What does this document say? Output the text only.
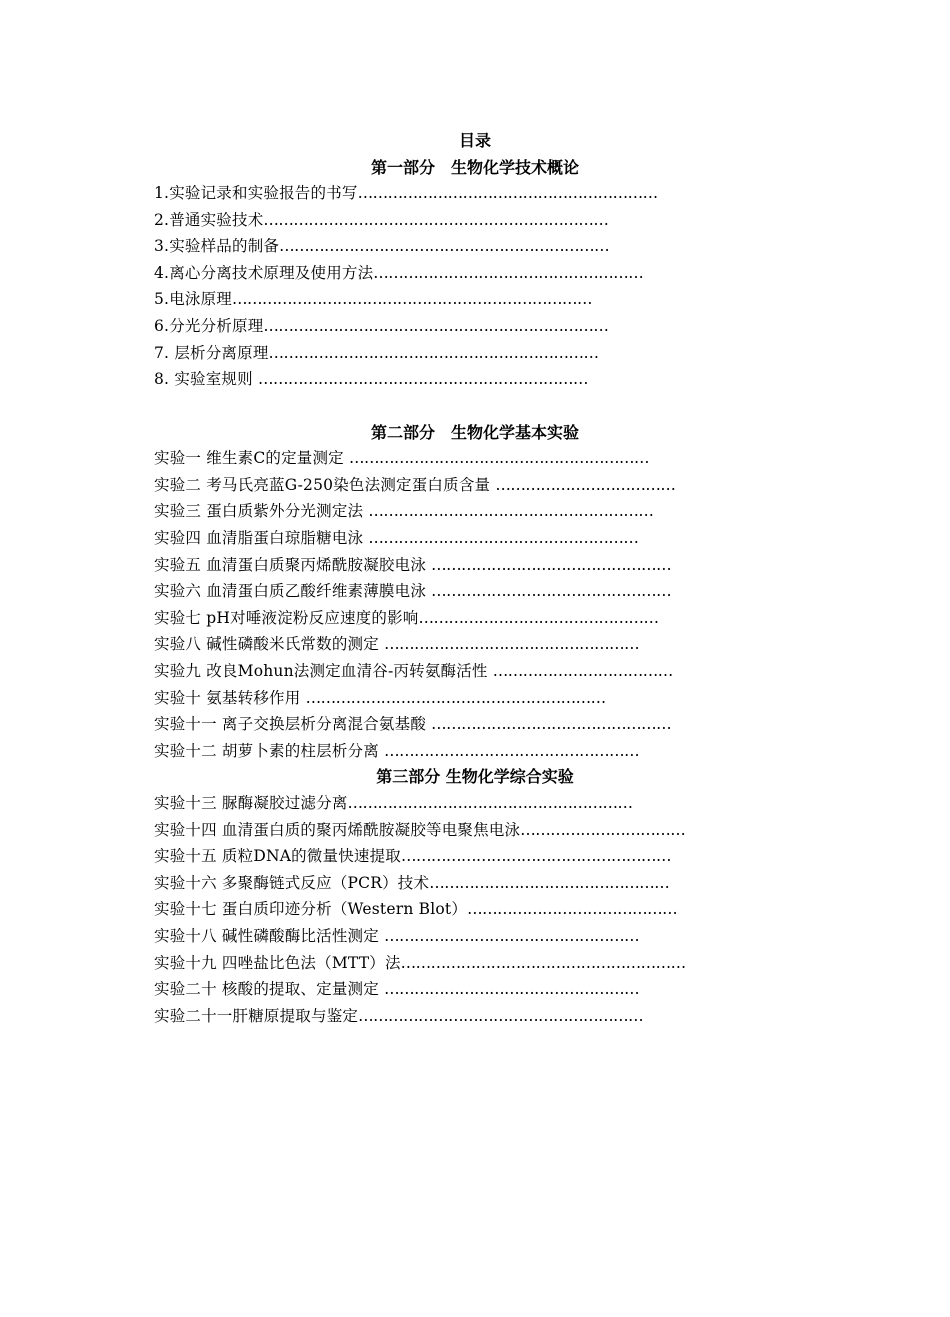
目录
第一部分　生物化学技术概论
1.实验记录和实验报告的书写……………………………………………………
2.普通实验技术……………………………………………………………
3.实验样品的制备…………………………………………………………
4.离心分离技术原理及使用方法………………………………………………
5.电泳原理………………………………………………………………
6.分光分析原理……………………………………………………………
7. 层析分离原理…………………………………………………………
8. 实验室规则 …………………………………………………………
第二部分　生物化学基本实验
实验一 维生素C的定量测定 ……………………………………………………
实验二 考马氏亮蓝G-250染色法测定蛋白质含量 ………………………………
实验三 蛋白质紫外分光测定法 …………………………………………………
实验四 血清脂蛋白琼脂糖电泳 ………………………………………………
实验五 血清蛋白质聚丙烯酰胺凝胶电泳 …………………………………………
实验六 血清蛋白质乙酸纤维素薄膜电泳 …………………………………………
实验七 pH对唾液淀粉反应速度的影响…………………………………………
实验八 碱性磷酸米氏常数的测定 ……………………………………………
实验九 改良Mohun法测定血清谷-丙转氨酶活性 ………………………………
实验十 氨基转移作用 ……………………………………………………
实验十一 离子交换层析分离混合氨基酸 …………………………………………
实验十二 胡萝卜素的柱层析分离 ……………………………………………
第三部分 生物化学综合实验
实验十三 脲酶凝胶过滤分离…………………………………………………
实验十四 血清蛋白质的聚丙烯酰胺凝胶等电聚焦电泳……………………………
实验十五 质粒DNA的微量快速提取………………………………………………
实验十六 多聚酶链式反应（PCR）技术…………………………………………
实验十七 蛋白质印迹分析（Western Blot）……………………………………
实验十八 碱性磷酸酶比活性测定 ……………………………………………
实验十九 四唑盐比色法（MTT）法…………………………………………………
实验二十 核酸的提取、定量测定 ……………………………………………
实验二十一肝糖原提取与鉴定…………………………………………………
